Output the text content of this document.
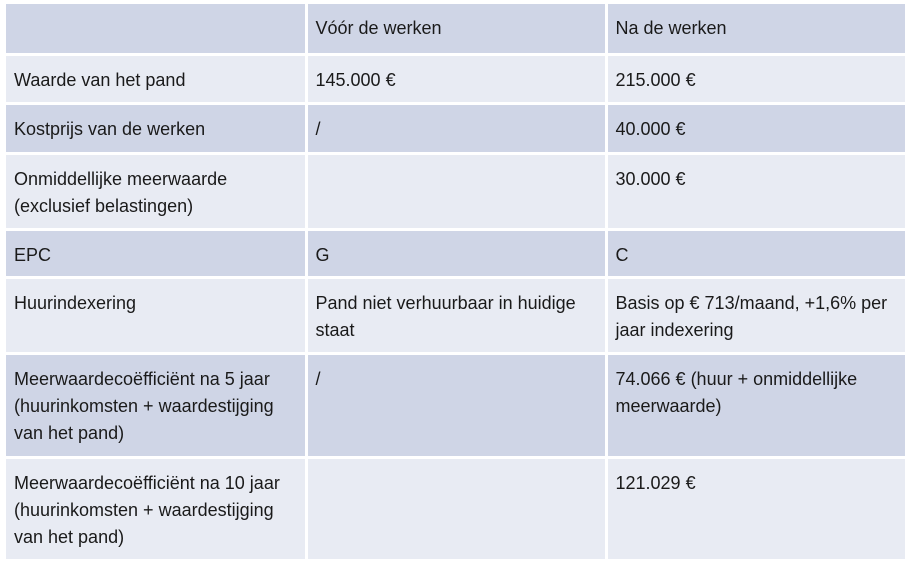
	Vóór de werken	Na de werken
Waarde van het pand	145.000 €	215.000 €
Kostprijs van de werken	/	40.000 €
Onmiddellijke meerwaarde (exclusief belastingen)		30.000 €
EPC	G	C
Huurindexering	Pand niet verhuurbaar in huidige staat	Basis op € 713/maand, +1,6% per jaar indexering
Meerwaardecoëfficiënt na 5 jaar (huurinkomsten + waardestijging van het pand)	/	74.066 € (huur + onmiddellijke meerwaarde)
Meerwaardecoëfficiënt na 10 jaar (huurinkomsten + waardestijging van het pand)		121.029 €
